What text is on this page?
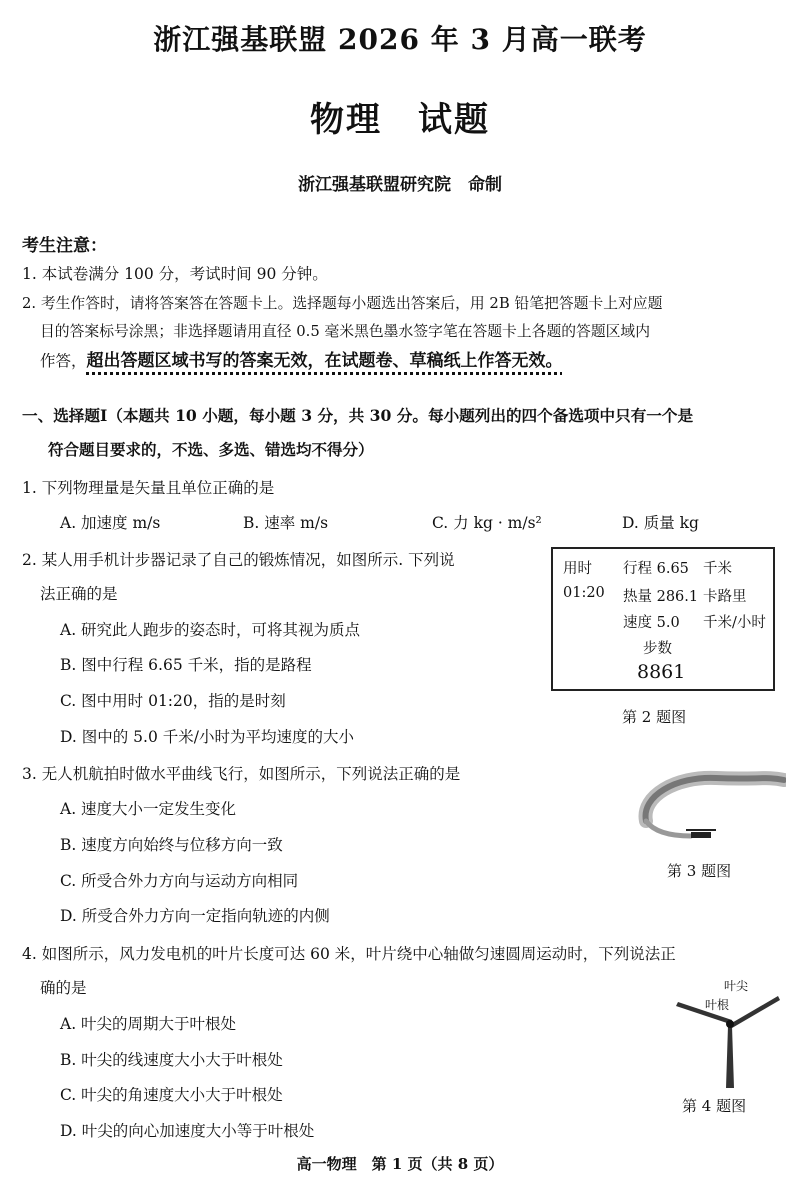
浙江强基联盟 2026 年 3 月高一联考
物理　试题
浙江强基联盟研究院　命制
考生注意：
1. 本试卷满分 100 分，考试时间 90 分钟。
2. 考生作答时，请将答案答在答题卡上。选择题每小题选出答案后，用 2B 铅笔把答题卡上对应题
目的答案标号涂黑；非选择题请用直径 0.5 毫米黑色墨水签字笔在答题卡上各题的答题区域内
作答，超出答题区域书写的答案无效，在试题卷、草稿纸上作答无效。
一、选择题Ⅰ（本题共 10 小题，每小题 3 分，共 30 分。每小题列出的四个备选项中只有一个是
符合题目要求的，不选、多选、错选均不得分）
1. 下列物理量是矢量且单位正确的是
A. 加速度 m/s	B. 速率 m/s	C. 力 kg · m/s²	D. 质量 kg
2. 某人用手机计步器记录了自己的锻炼情况，如图所示. 下列说
法正确的是
A. 研究此人跑步的姿态时，可将其视为质点
B. 图中行程 6.65 千米，指的是路程
C. 图中用时 01:20，指的是时刻
D. 图中的 5.0 千米/小时为平均速度的大小
用时
01:20
行程 6.65 千米
热量 286.1 卡路里
速度 5.0 千米/小时
步数
8861
第 2 题图
3. 无人机航拍时做水平曲线飞行，如图所示，下列说法正确的是
A. 速度大小一定发生变化
B. 速度方向始终与位移方向一致
C. 所受合外力方向与运动方向相同
D. 所受合外力方向一定指向轨迹的内侧
第 3 题图
4. 如图所示，风力发电机的叶片长度可达 60 米，叶片绕中心轴做匀速圆周运动时，下列说法正
确的是
A. 叶尖的周期大于叶根处
B. 叶尖的线速度大小大于叶根处
C. 叶尖的角速度大小大于叶根处
D. 叶尖的向心加速度大小等于叶根处
叶尖
叶根
第 4 题图
高一物理　第 1 页（共 8 页）
